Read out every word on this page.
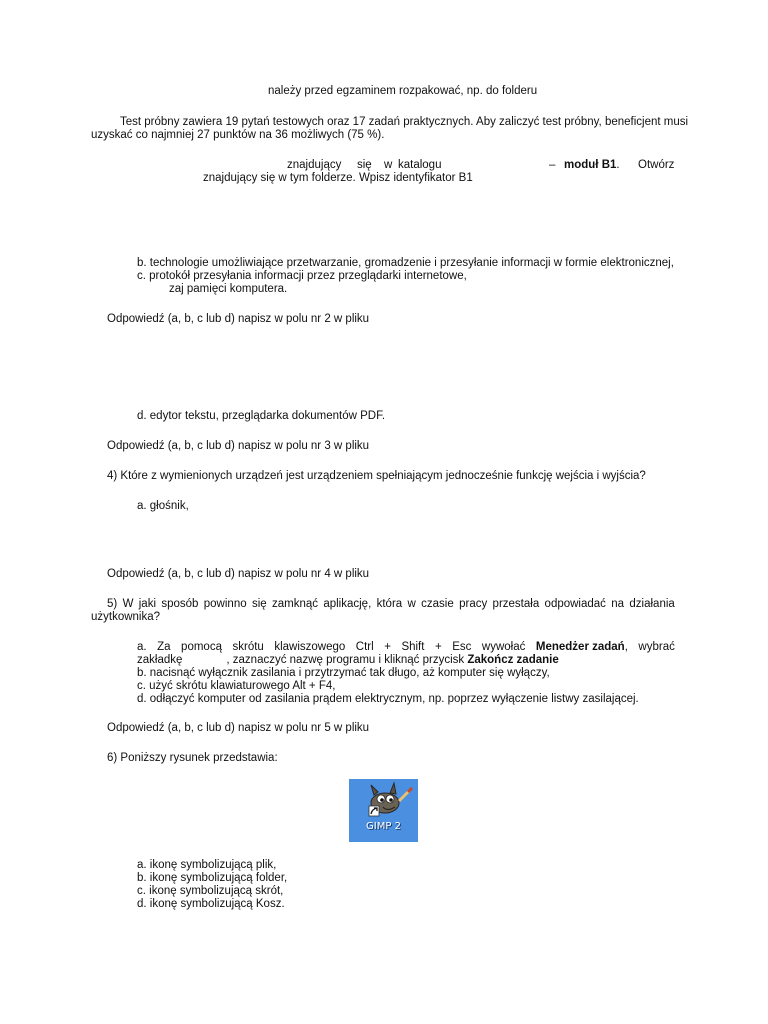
należy przed egzaminem rozpakować, np. do folderu
Test próbny zawiera 19 pytań testowych oraz 17 zadań praktycznych. Aby zaliczyć test próbny, beneficjent musi
uzyskać co najmniej 27 punktów na 36 możliwych (75 %).
znajdujący się w katalogu	– moduł B1. Otwórz
znajdujący się w tym folderze. Wpisz identyfikator B1
b. technologie umożliwiające przetwarzanie, gromadzenie i przesyłanie informacji w formie elektronicznej,
c. protokół przesyłania informacji przez przeglądarki internetowe,
zaj pamięci komputera.
Odpowiedź (a, b, c lub d) napisz w polu nr 2 w pliku
d. edytor tekstu, przeglądarka dokumentów PDF.
Odpowiedź (a, b, c lub d) napisz w polu nr 3 w pliku
4) Które z wymienionych urządzeń jest urządzeniem spełniającym jednocześnie funkcję wejścia i wyjścia?
a. głośnik,
Odpowiedź (a, b, c lub d) napisz w polu nr 4 w pliku
5) W jaki sposób powinno się zamknąć aplikację, która w czasie pracy przestała odpowiadać na działania
użytkownika?
a. Za pomocą skrótu klawiszowego Ctrl + Shift + Esc wywołać Menedżer zadań, wybrać
zakładkę	, zaznaczyć nazwę programu i kliknąć przycisk Zakończ zadanie
b. nacisnąć wyłącznik zasilania i przytrzymać tak długo, aż komputer się wyłączy,
c. użyć skrótu klawiaturowego Alt + F4,
d. odłączyć komputer od zasilania prądem elektrycznym, np. poprzez wyłączenie listwy zasilającej.
Odpowiedź (a, b, c lub d) napisz w polu nr 5 w pliku
6) Poniższy rysunek przedstawia:
GIMP 2
a. ikonę symbolizującą plik,
b. ikonę symbolizującą folder,
c. ikonę symbolizującą skrót,
d. ikonę symbolizującą Kosz.
